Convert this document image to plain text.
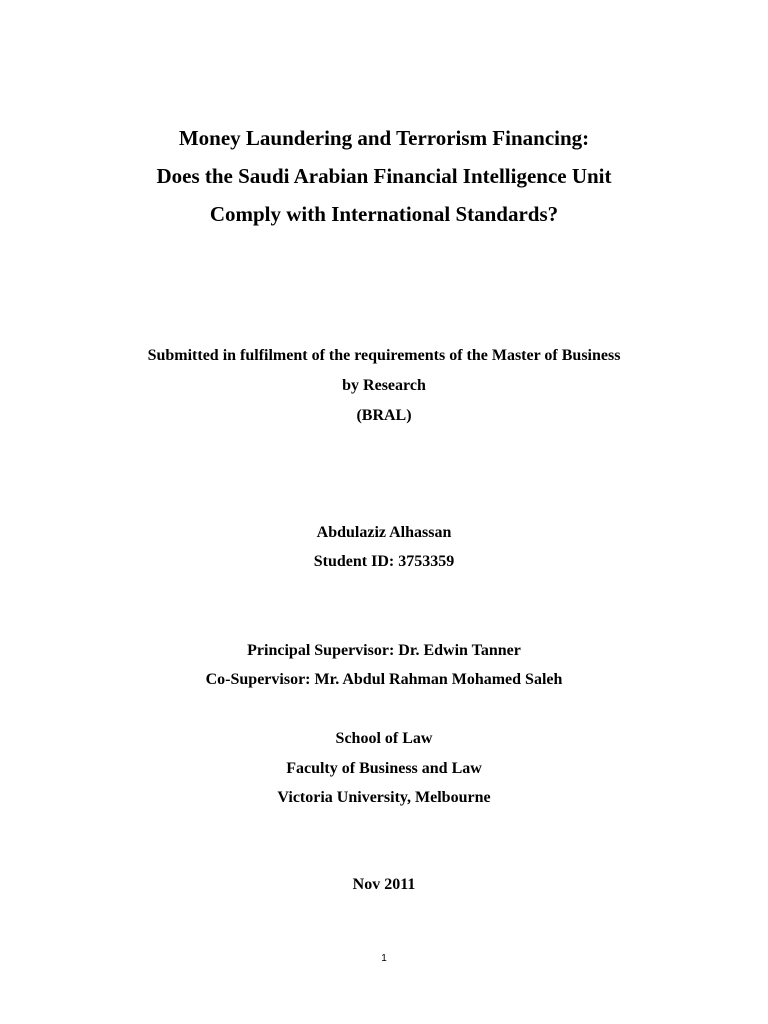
Money Laundering and Terrorism Financing:
Does the Saudi Arabian Financial Intelligence Unit
Comply with International Standards?
Submitted in fulfilment of the requirements of the Master of Business
by Research
(BRAL)
Abdulaziz Alhassan
Student ID: 3753359
Principal Supervisor: Dr. Edwin Tanner
Co-Supervisor: Mr. Abdul Rahman Mohamed Saleh
School of Law
Faculty of Business and Law
Victoria University, Melbourne
Nov 2011
1
